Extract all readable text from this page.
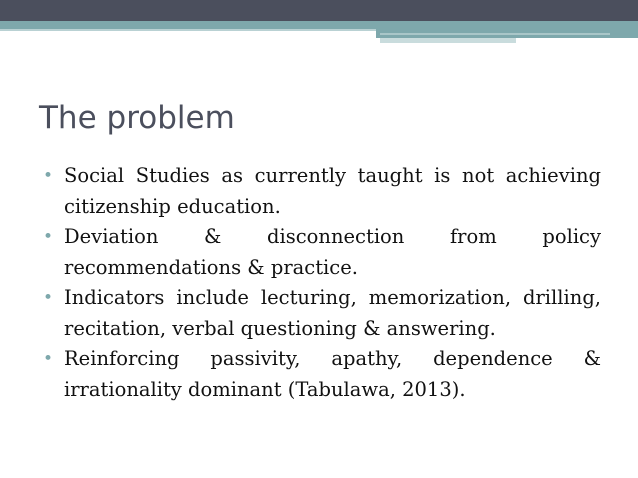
The problem
• Social Studies as currently taught is not achieving citizenship education.
• Deviation & disconnection from policy recommendations & practice.
• Indicators include lecturing, memorization, drilling, recitation, verbal questioning & answering.
• Reinforcing passivity, apathy, dependence & irrationality dominant (Tabulawa, 2013).
